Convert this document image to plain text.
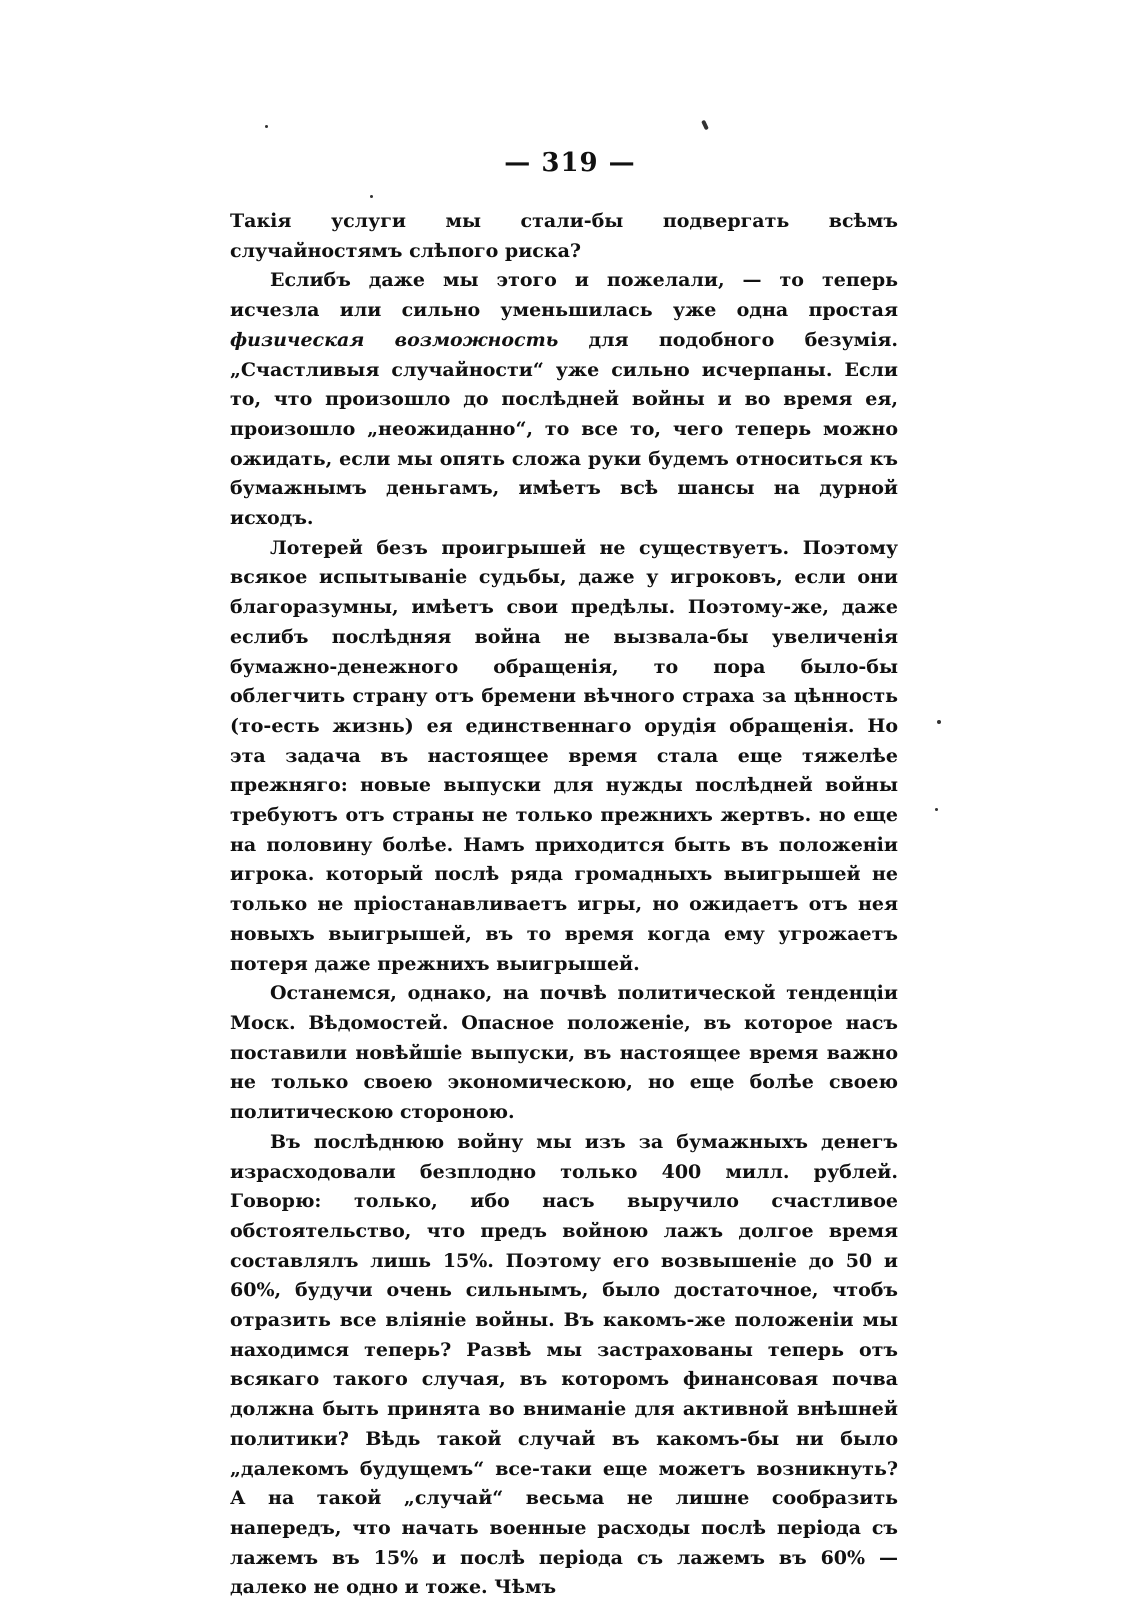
— 319 —

Такія услуги мы стали-бы подвергать всѣмъ случайностямъ слѣпого риска?

Еслибъ даже мы этого и пожелали, — то теперь исчезла или сильно уменьшилась уже одна простая физическая возможность для подобного безумія. „Счастливыя случайности“ уже сильно исчерпаны. Если то, что произошло до послѣдней войны и во время ея, произошло „неожиданно“, то все то, чего теперь можно ожидать, если мы опять сложа руки будемъ относиться къ бумажнымъ деньгамъ, имѣетъ всѣ шансы на дурной исходъ.

Лотерей безъ проигрышей не существуетъ. Поэтому всякое испытываніе судьбы, даже у игроковъ, если они благоразумны, имѣетъ свои предѣлы. Поэтому-же, даже еслибъ послѣдняя война не вызвала-бы увеличенія бумажно-денежного обращенія, то пора было-бы облегчить страну отъ бремени вѣчного страха за цѣнность (то-есть жизнь) ея единственнаго орудія обращенія. Но эта задача въ настоящее время стала еще тяжелѣе прежняго: новые выпуски для нужды послѣдней войны требуютъ отъ страны не только прежнихъ жертвъ. но еще на половину болѣе. Намъ приходится быть въ положеніи игрока. который послѣ ряда громадныхъ выигрышей не только не пріостанавливаетъ игры, но ожидаетъ отъ нея новыхъ выигрышей, въ то время когда ему угрожаетъ потеря даже прежнихъ выигрышей.

Останемся, однако, на почвѣ политической тенденціи Моск. Вѣдомостей. Опасное положеніе, въ которое насъ поставили новѣйшіе выпуски, въ настоящее время важно не только своею экономическою, но еще болѣе своею политическою стороною.

Въ послѣднюю войну мы изъ за бумажныхъ денегъ израсходовали безплодно только 400 милл. рублей. Говорю: только, ибо насъ выручило счастливое обстоятельство, что предъ войною лажъ долгое время составлялъ лишь 15%. Поэтому его возвышеніе до 50 и 60%, будучи очень сильнымъ, было достаточное, чтобъ отразить все вліяніе войны. Въ какомъ-же положеніи мы находимся теперь? Развѣ мы застрахованы теперь отъ всякаго такого случая, въ которомъ финансовая почва должна быть принята во вниманіе для активной внѣшней политики? Вѣдь такой случай въ какомъ-бы ни было „далекомъ будущемъ“ все-таки еще можетъ возникнуть? А на такой „случай“ весьма не лишне сообразить напередъ, что начать военные расходы послѣ періода съ лажемъ въ 15% и послѣ періода съ лажемъ въ 60% — далеко не одно и тоже. Чѣмъ
